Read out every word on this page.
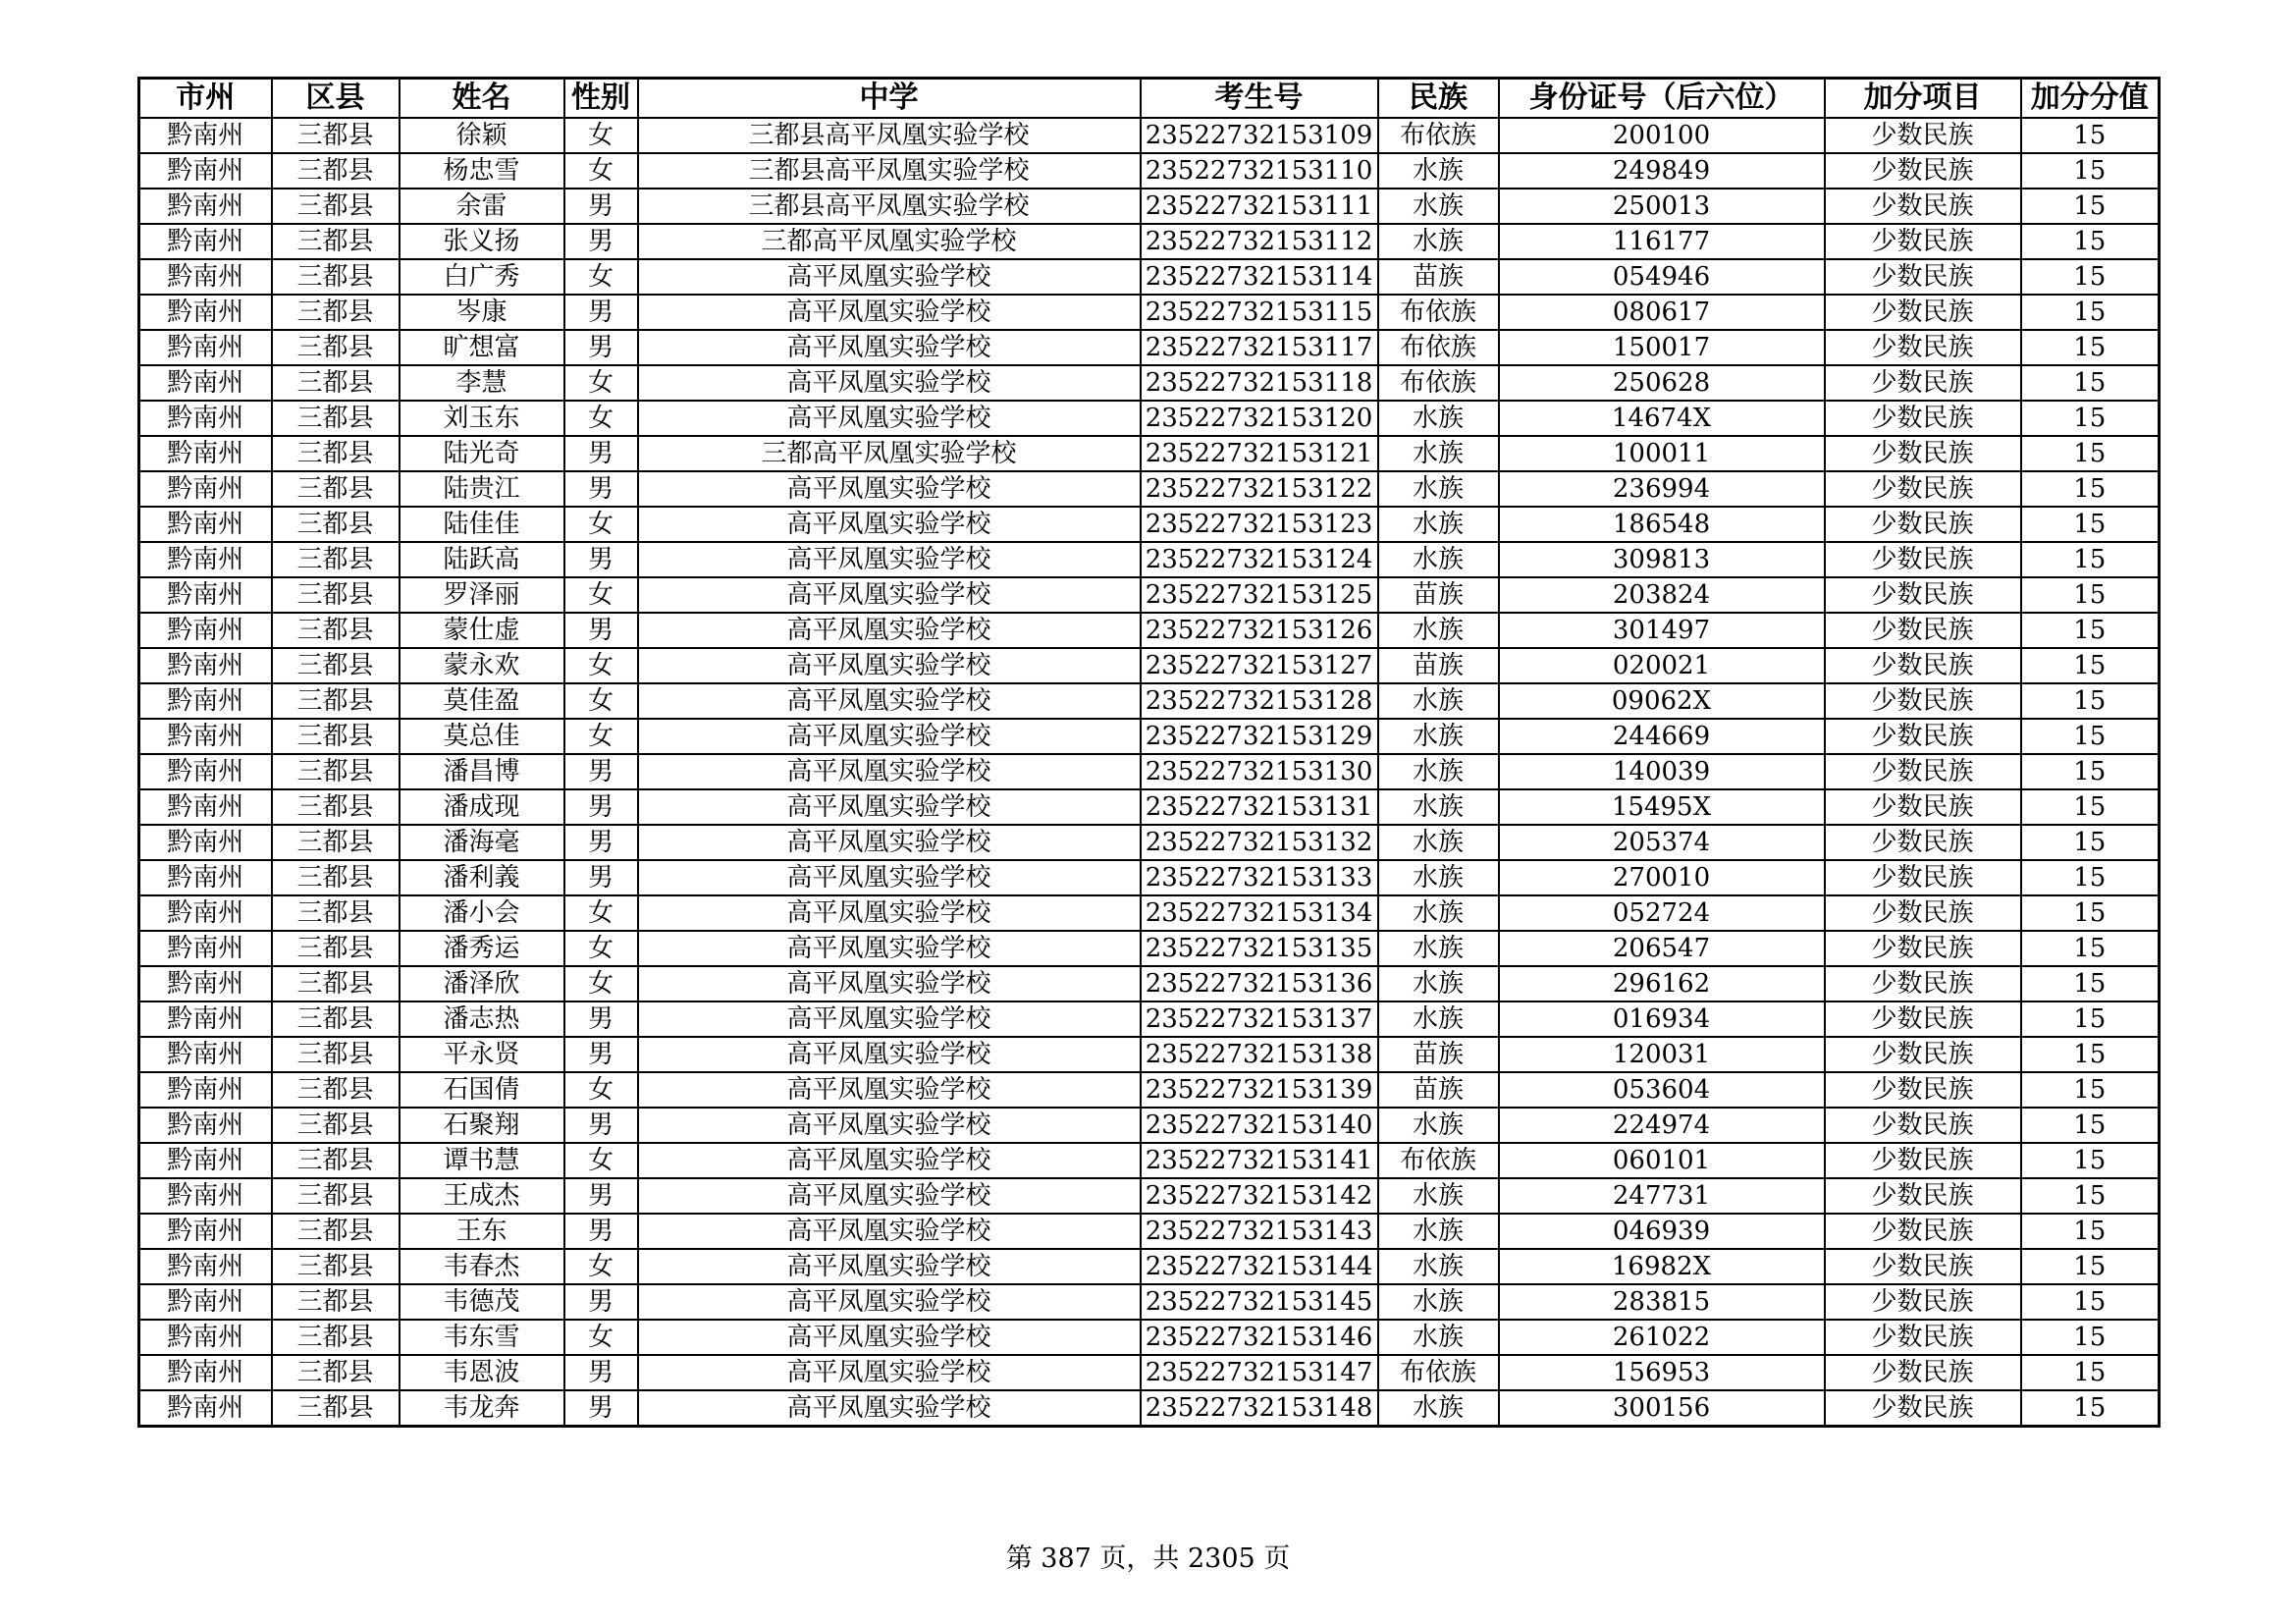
市州	区县	姓名	性别	中学	考生号	民族	身份证号（后六位）	加分项目	加分分值
黔南州	三都县	徐颖	女	三都县高平凤凰实验学校	23522732153109	布依族	200100	少数民族	15
黔南州	三都县	杨忠雪	女	三都县高平凤凰实验学校	23522732153110	水族	249849	少数民族	15
黔南州	三都县	余雷	男	三都县高平凤凰实验学校	23522732153111	水族	250013	少数民族	15
黔南州	三都县	张义扬	男	三都高平凤凰实验学校	23522732153112	水族	116177	少数民族	15
黔南州	三都县	白广秀	女	高平凤凰实验学校	23522732153114	苗族	054946	少数民族	15
黔南州	三都县	岑康	男	高平凤凰实验学校	23522732153115	布依族	080617	少数民族	15
黔南州	三都县	旷想富	男	高平凤凰实验学校	23522732153117	布依族	150017	少数民族	15
黔南州	三都县	李慧	女	高平凤凰实验学校	23522732153118	布依族	250628	少数民族	15
黔南州	三都县	刘玉东	女	高平凤凰实验学校	23522732153120	水族	14674X	少数民族	15
黔南州	三都县	陆光奇	男	三都高平凤凰实验学校	23522732153121	水族	100011	少数民族	15
黔南州	三都县	陆贵江	男	高平凤凰实验学校	23522732153122	水族	236994	少数民族	15
黔南州	三都县	陆佳佳	女	高平凤凰实验学校	23522732153123	水族	186548	少数民族	15
黔南州	三都县	陆跃高	男	高平凤凰实验学校	23522732153124	水族	309813	少数民族	15
黔南州	三都县	罗泽丽	女	高平凤凰实验学校	23522732153125	苗族	203824	少数民族	15
黔南州	三都县	蒙仕虚	男	高平凤凰实验学校	23522732153126	水族	301497	少数民族	15
黔南州	三都县	蒙永欢	女	高平凤凰实验学校	23522732153127	苗族	020021	少数民族	15
黔南州	三都县	莫佳盈	女	高平凤凰实验学校	23522732153128	水族	09062X	少数民族	15
黔南州	三都县	莫总佳	女	高平凤凰实验学校	23522732153129	水族	244669	少数民族	15
黔南州	三都县	潘昌博	男	高平凤凰实验学校	23522732153130	水族	140039	少数民族	15
黔南州	三都县	潘成现	男	高平凤凰实验学校	23522732153131	水族	15495X	少数民族	15
黔南州	三都县	潘海毫	男	高平凤凰实验学校	23522732153132	水族	205374	少数民族	15
黔南州	三都县	潘利義	男	高平凤凰实验学校	23522732153133	水族	270010	少数民族	15
黔南州	三都县	潘小会	女	高平凤凰实验学校	23522732153134	水族	052724	少数民族	15
黔南州	三都县	潘秀运	女	高平凤凰实验学校	23522732153135	水族	206547	少数民族	15
黔南州	三都县	潘泽欣	女	高平凤凰实验学校	23522732153136	水族	296162	少数民族	15
黔南州	三都县	潘志热	男	高平凤凰实验学校	23522732153137	水族	016934	少数民族	15
黔南州	三都县	平永贤	男	高平凤凰实验学校	23522732153138	苗族	120031	少数民族	15
黔南州	三都县	石国倩	女	高平凤凰实验学校	23522732153139	苗族	053604	少数民族	15
黔南州	三都县	石聚翔	男	高平凤凰实验学校	23522732153140	水族	224974	少数民族	15
黔南州	三都县	谭书慧	女	高平凤凰实验学校	23522732153141	布依族	060101	少数民族	15
黔南州	三都县	王成杰	男	高平凤凰实验学校	23522732153142	水族	247731	少数民族	15
黔南州	三都县	王东	男	高平凤凰实验学校	23522732153143	水族	046939	少数民族	15
黔南州	三都县	韦春杰	女	高平凤凰实验学校	23522732153144	水族	16982X	少数民族	15
黔南州	三都县	韦德茂	男	高平凤凰实验学校	23522732153145	水族	283815	少数民族	15
黔南州	三都县	韦东雪	女	高平凤凰实验学校	23522732153146	水族	261022	少数民族	15
黔南州	三都县	韦恩波	男	高平凤凰实验学校	23522732153147	布依族	156953	少数民族	15
黔南州	三都县	韦龙奔	男	高平凤凰实验学校	23522732153148	水族	300156	少数民族	15
第 387 页，共 2305 页
